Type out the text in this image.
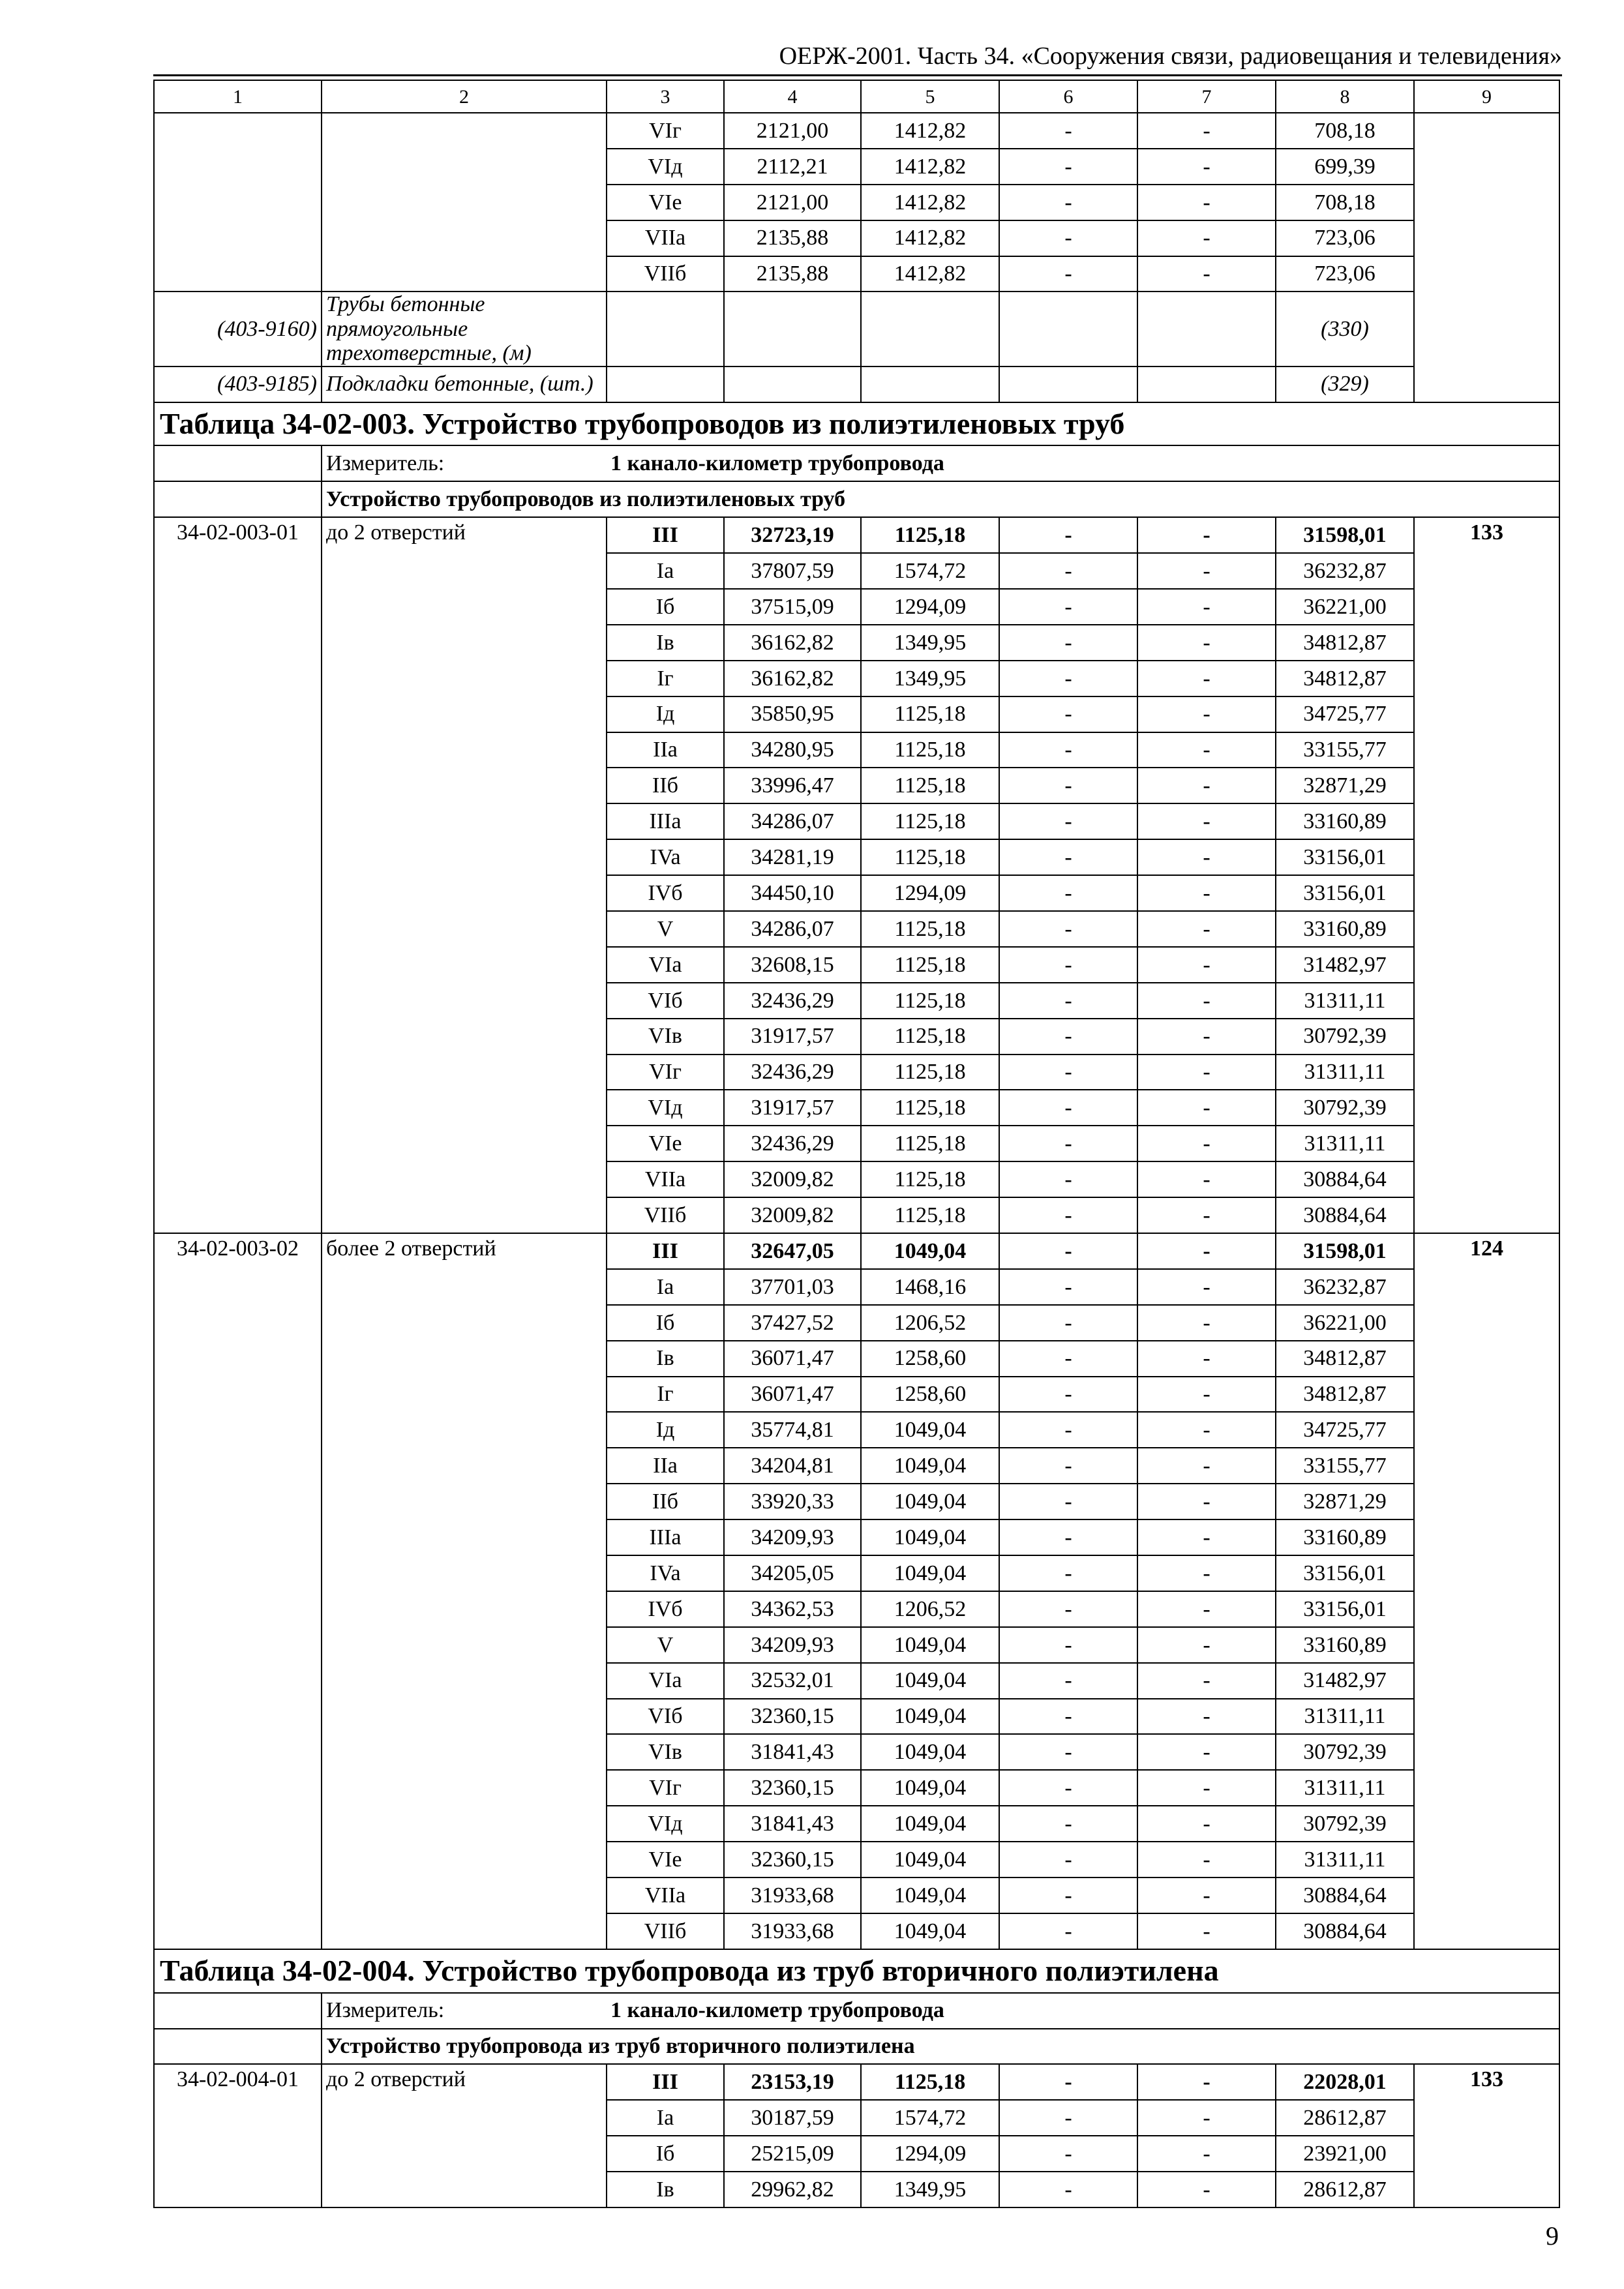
ОЕРЖ-2001. Часть 34. «Сооружения связи, радиовещания и телевидения»
1	2	3	4	5	6	7	8	9
		VIг	2121,00	1412,82	-	-	708,18	
		VIд	2112,21	1412,82	-	-	699,39	
		VIе	2121,00	1412,82	-	-	708,18	
		VIIa	2135,88	1412,82	-	-	723,06	
		VIIб	2135,88	1412,82	-	-	723,06	
(403-9160)	Трубы бетонные прямоугольные трехотверстные, (м)						(330)	
(403-9185)	Подкладки бетонные, (шт.)						(329)	
Таблица 34-02-003. Устройство трубопроводов из полиэтиленовых труб								
	Измеритель:	1 канало-километр трубопровода						
	Устройство трубопроводов из полиэтиленовых труб							
34-02-003-01	до 2 отверстий	III	32723,19	1125,18	-	-	31598,01	133
		Ia	37807,59	1574,72	-	-	36232,87	
		Iб	37515,09	1294,09	-	-	36221,00	
		Iв	36162,82	1349,95	-	-	34812,87	
		Iг	36162,82	1349,95	-	-	34812,87	
		Iд	35850,95	1125,18	-	-	34725,77	
		IIa	34280,95	1125,18	-	-	33155,77	
		IIб	33996,47	1125,18	-	-	32871,29	
		IIIa	34286,07	1125,18	-	-	33160,89	
		IVa	34281,19	1125,18	-	-	33156,01	
		IVб	34450,10	1294,09	-	-	33156,01	
		V	34286,07	1125,18	-	-	33160,89	
		VIa	32608,15	1125,18	-	-	31482,97	
		VIб	32436,29	1125,18	-	-	31311,11	
		VIв	31917,57	1125,18	-	-	30792,39	
		VIг	32436,29	1125,18	-	-	31311,11	
		VIд	31917,57	1125,18	-	-	30792,39	
		VIе	32436,29	1125,18	-	-	31311,11	
		VIIa	32009,82	1125,18	-	-	30884,64	
		VIIб	32009,82	1125,18	-	-	30884,64	
34-02-003-02	более 2 отверстий	III	32647,05	1049,04	-	-	31598,01	124
		Ia	37701,03	1468,16	-	-	36232,87	
		Iб	37427,52	1206,52	-	-	36221,00	
		Iв	36071,47	1258,60	-	-	34812,87	
		Iг	36071,47	1258,60	-	-	34812,87	
		Iд	35774,81	1049,04	-	-	34725,77	
		IIa	34204,81	1049,04	-	-	33155,77	
		IIб	33920,33	1049,04	-	-	32871,29	
		IIIa	34209,93	1049,04	-	-	33160,89	
		IVa	34205,05	1049,04	-	-	33156,01	
		IVб	34362,53	1206,52	-	-	33156,01	
		V	34209,93	1049,04	-	-	33160,89	
		VIa	32532,01	1049,04	-	-	31482,97	
		VIб	32360,15	1049,04	-	-	31311,11	
		VIв	31841,43	1049,04	-	-	30792,39	
		VIг	32360,15	1049,04	-	-	31311,11	
		VIд	31841,43	1049,04	-	-	30792,39	
		VIе	32360,15	1049,04	-	-	31311,11	
		VIIa	31933,68	1049,04	-	-	30884,64	
		VIIб	31933,68	1049,04	-	-	30884,64	
Таблица 34-02-004. Устройство трубопровода из труб вторичного полиэтилена								
	Измеритель:	1 канало-километр трубопровода						
	Устройство трубопровода из труб вторичного полиэтилена							
34-02-004-01	до 2 отверстий	III	23153,19	1125,18	-	-	22028,01	133
		Ia	30187,59	1574,72	-	-	28612,87	
		Iб	25215,09	1294,09	-	-	23921,00	
		Iв	29962,82	1349,95	-	-	28612,87	
9
